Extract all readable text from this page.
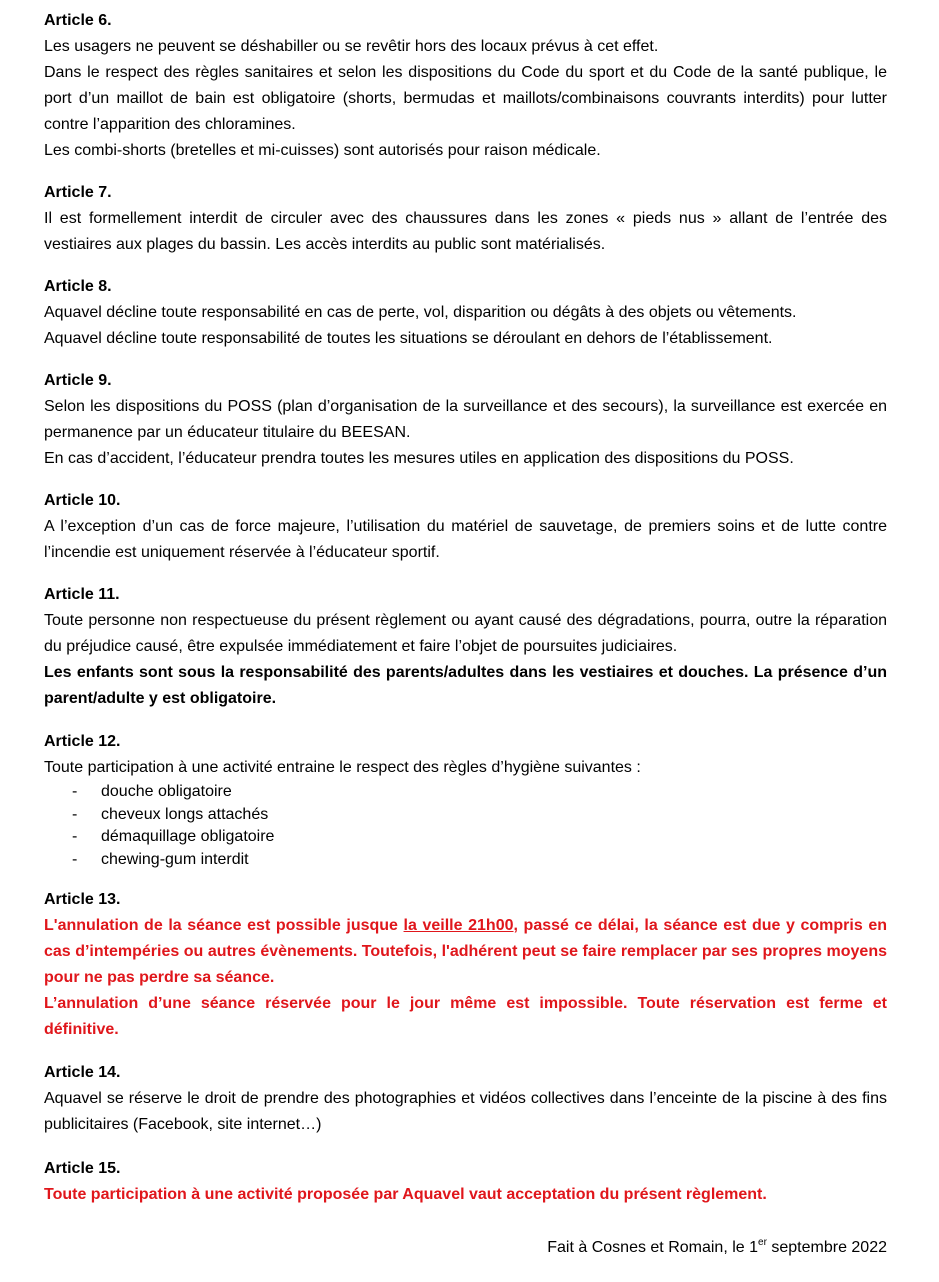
Article 6.
Les usagers ne peuvent se déshabiller ou se revêtir hors des locaux prévus à cet effet.
Dans le respect des règles sanitaires et selon les dispositions du Code du sport et du Code de la santé publique, le port d’un maillot de bain est obligatoire (shorts, bermudas et maillots/combinaisons couvrants interdits) pour lutter contre l’apparition des chloramines.
Les combi-shorts (bretelles et mi-cuisses) sont autorisés pour raison médicale.
Article 7.
Il est formellement interdit de circuler avec des chaussures dans les zones « pieds nus » allant de l’entrée des vestiaires aux plages du bassin. Les accès interdits au public sont matérialisés.
Article 8.
Aquavel décline toute responsabilité en cas de perte, vol, disparition ou dégâts à des objets ou vêtements.
Aquavel décline toute responsabilité de toutes les situations se déroulant en dehors de l’établissement.
Article 9.
Selon les dispositions du POSS (plan d’organisation de la surveillance et des secours), la surveillance est exercée en permanence par un éducateur titulaire du BEESAN.
En cas d’accident, l’éducateur prendra toutes les mesures utiles en application des dispositions du POSS.
Article 10.
A l’exception d’un cas de force majeure, l’utilisation du matériel de sauvetage, de premiers soins et de lutte contre l’incendie est uniquement réservée à l’éducateur sportif.
Article 11.
Toute personne non respectueuse du présent règlement ou ayant causé des dégradations, pourra, outre la réparation du préjudice causé, être expulsée immédiatement et faire l’objet de poursuites judiciaires.
Les enfants sont sous la responsabilité des parents/adultes dans les vestiaires et douches. La présence d’un parent/adulte y est obligatoire.
Article 12.
Toute participation à une activité entraine le respect des règles d’hygiène suivantes :
- douche obligatoire
- cheveux longs attachés
- démaquillage obligatoire
- chewing-gum interdit
Article 13.
L'annulation de la séance est possible jusque la veille 21h00, passé ce délai, la séance est due y compris en cas d’intempéries ou autres évènements. Toutefois, l'adhérent peut se faire remplacer par ses propres moyens pour ne pas perdre sa séance.
L’annulation d’une séance réservée pour le jour même est impossible. Toute réservation est ferme et définitive.
Article 14.
Aquavel se réserve le droit de prendre des photographies et vidéos collectives dans l’enceinte de la piscine à des fins publicitaires (Facebook, site internet…)
Article 15.
Toute participation à une activité proposée par Aquavel vaut acceptation du présent règlement.
Fait à Cosnes et Romain, le 1er septembre 2022
